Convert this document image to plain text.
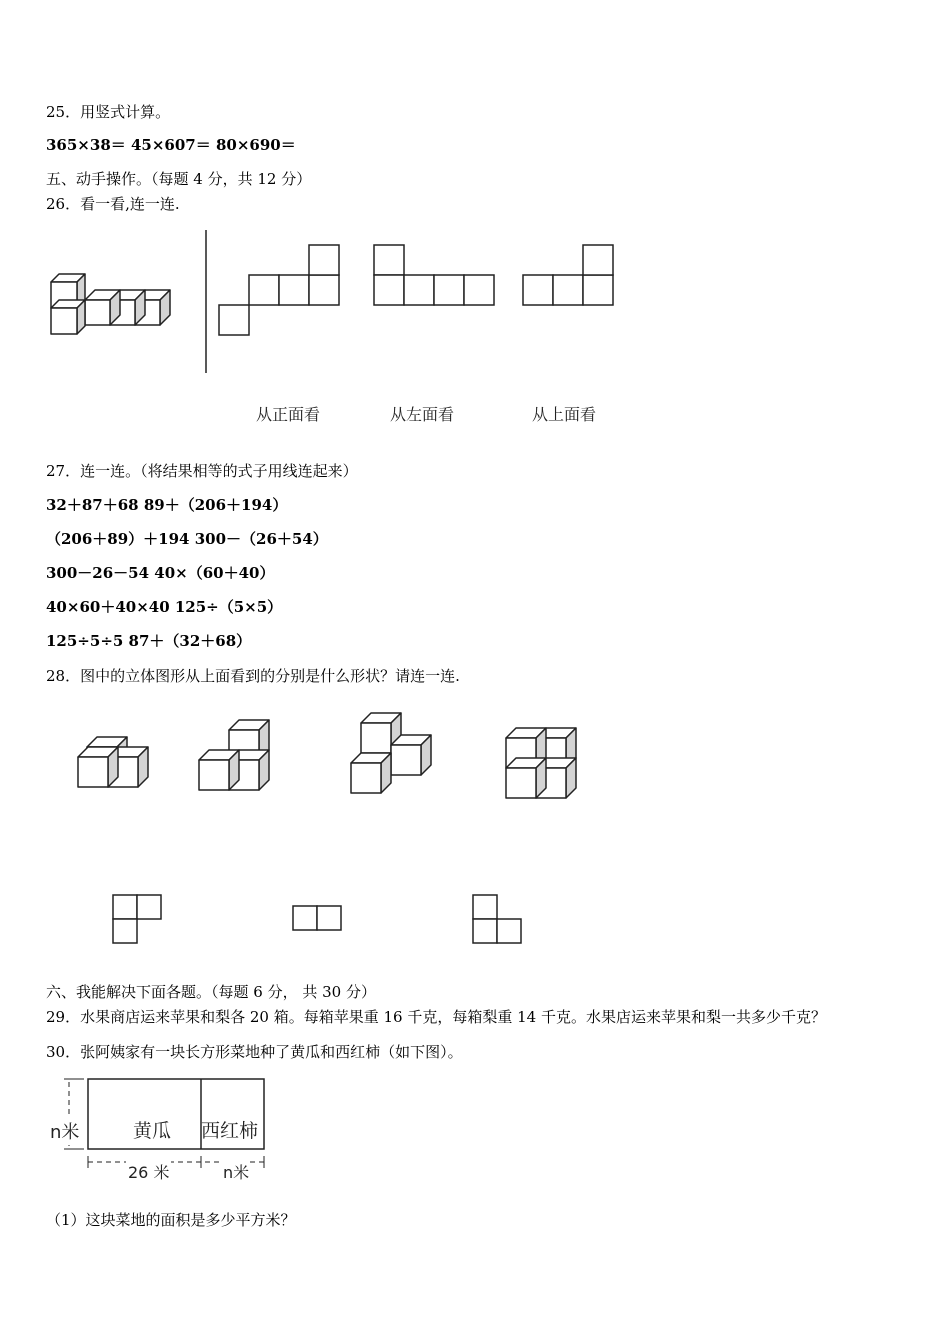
25．用竖式计算。
365×38＝ 45×607＝ 80×690＝
五、动手操作。（每题 4 分，共 12 分）
26．看一看,连一连.
从正面看	从左面看	从上面看
27．连一连。（将结果相等的式子用线连起来）
32＋87＋68 89＋（206＋194）
（206＋89）＋194 300－（26＋54）
300－26－54 40×（60＋40）
40×60＋40×40 125÷（5×5）
125÷5÷5 87＋（32＋68）
28．图中的立体图形从上面看到的分别是什么形状？请连一连.
六、我能解决下面各题。（每题 6 分， 共 30 分）
29．水果商店运来苹果和梨各 20 箱。每箱苹果重 16 千克，每箱梨重 14 千克。水果店运来苹果和梨一共多少千克？
30．张阿姨家有一块长方形菜地种了黄瓜和西红柿（如下图）。
黄瓜 西红柿
n米
26 米	n米
（1）这块菜地的面积是多少平方米？
